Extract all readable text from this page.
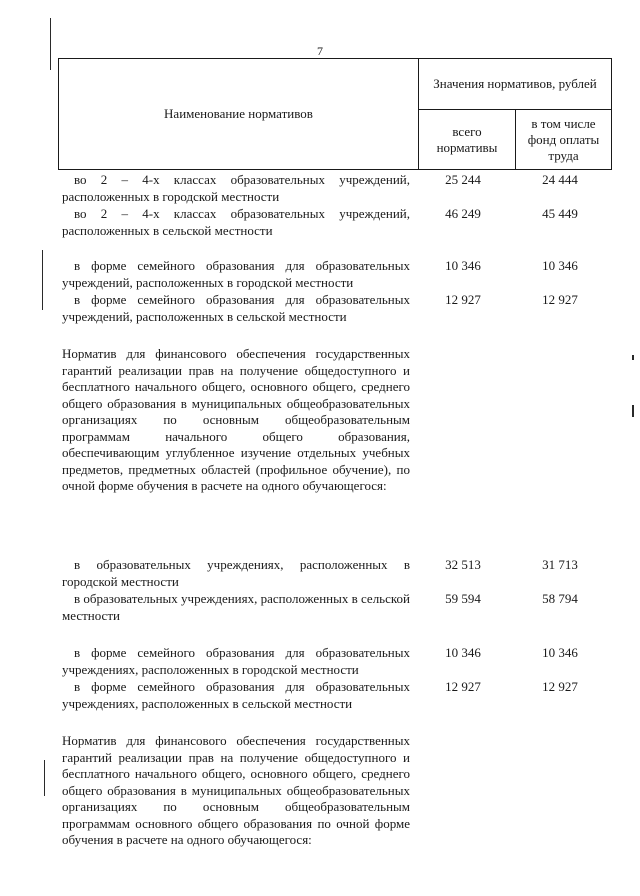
7
Наименование нормативов
Значения нормативов, рублей
всего нормативы
в том числе фонд оплаты труда
во 2 – 4-х классах образовательных учреждений, расположенных в городской местности
25 244	24 444
во 2 – 4-х классах образовательных учреждений, расположенных в сельской местности
46 249	45 449
в форме семейного образования для образовательных учреждений, расположенных в городской местности
10 346	10 346
в форме семейного образования для образовательных учреждений, расположенных в сельской местности
12 927	12 927
Норматив для финансового обеспечения государственных гарантий реализации прав на получение общедоступного и бесплатного начального общего, основного общего, среднего общего образования в муниципальных общеобразовательных организациях по основным общеобразовательным программам начального общего образования, обеспечивающим углубленное изучение отдельных учебных предметов, предметных областей (профильное обучение), по очной форме обучения в расчете на одного обучающегося:
в образовательных учреждениях, расположенных в городской местности
32 513	31 713
в образовательных учреждениях, расположенных в сельской местности
59 594	58 794
в форме семейного образования для образовательных учреждениях, расположенных в городской местности
10 346	10 346
в форме семейного образования для образовательных учреждениях, расположенных в сельской местности
12 927	12 927
Норматив для финансового обеспечения государственных гарантий реализации прав на получение общедоступного и бесплатного начального общего, основного общего, среднего общего образования в муниципальных общеобразовательных организациях по основным общеобразовательным программам основного общего образования по очной форме обучения в расчете на одного обучающегося:
